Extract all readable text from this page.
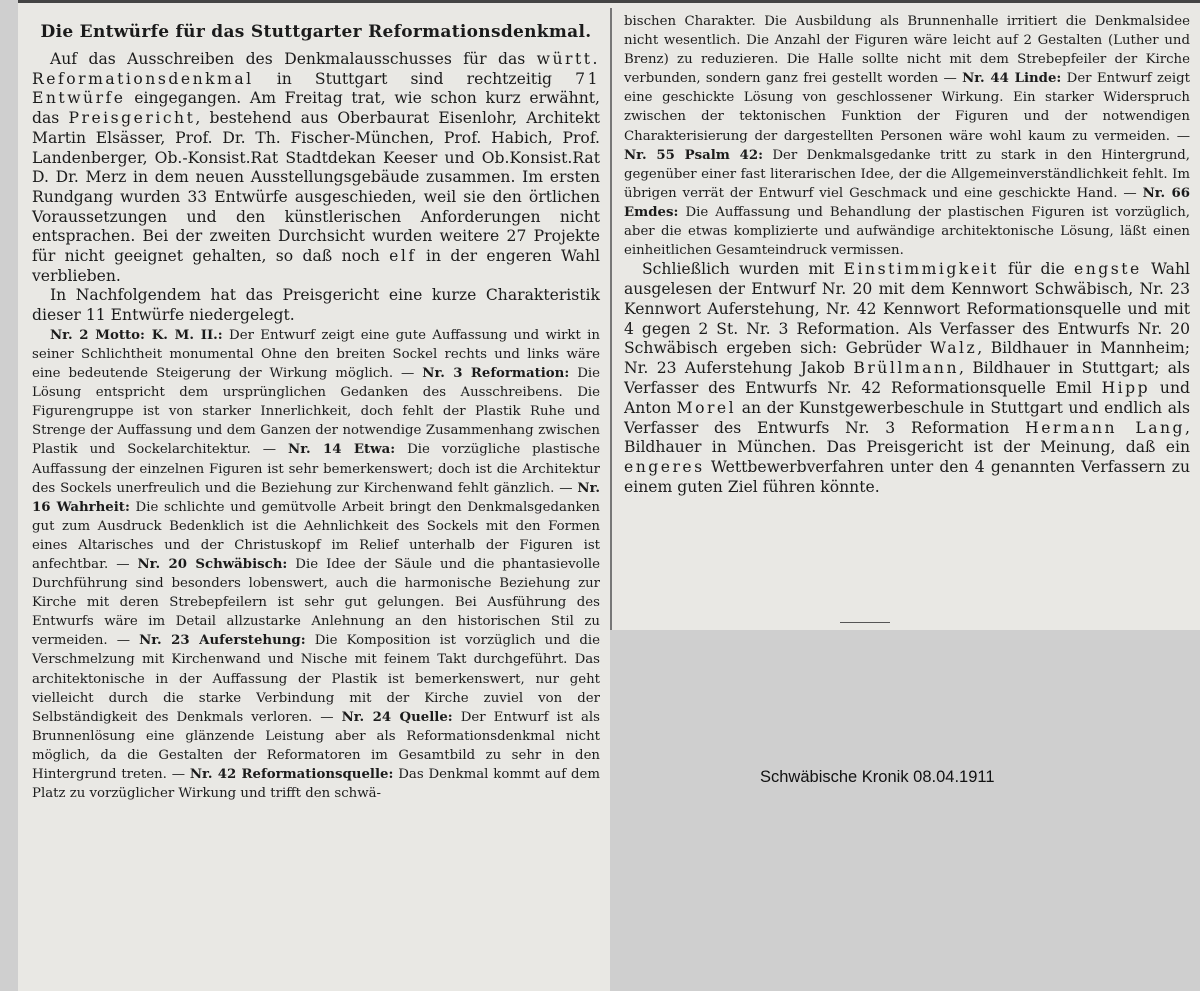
Die Entwürfe für das Stuttgarter Reformationsdenkmal.

Auf das Ausschreiben des Denkmalausschusses für das württ. Reformationsdenkmal in Stuttgart sind rechtzeitig 71 Entwürfe eingegangen. Am Freitag trat, wie schon kurz erwähnt, das Preisgericht, bestehend aus Oberbaurat Eisenlohr, Architekt Martin Elsässer, Prof. Dr. Th. Fischer-München, Prof. Habich, Prof. Landenberger, Ob.-Konsist.Rat Stadtdekan Keeser und Ob.Konsist.Rat D. Dr. Merz in dem neuen Ausstellungsgebäude zusammen. Im ersten Rundgang wurden 33 Entwürfe ausgeschieden, weil sie den örtlichen Voraussetzungen und den künstlerischen Anforderungen nicht entsprachen. Bei der zweiten Durchsicht wurden weitere 27 Projekte für nicht geeignet gehalten, so daß noch elf in der engeren Wahl verblieben.

In Nachfolgendem hat das Preisgericht eine kurze Charakteristik dieser 11 Entwürfe niedergelegt.

Nr. 2 Motto: K. M. II.: Der Entwurf zeigt eine gute Auffassung und wirkt in seiner Schlichtheit monumental Ohne den breiten Sockel rechts und links wäre eine bedeutende Steigerung der Wirkung möglich. — Nr. 3 Reformation: Die Lösung entspricht dem ursprünglichen Gedanken des Ausschreibens. Die Figurengruppe ist von starker Innerlichkeit, doch fehlt der Plastik Ruhe und Strenge der Auffassung und dem Ganzen der notwendige Zusammenhang zwischen Plastik und Sockelarchitektur. — Nr. 14 Etwa: Die vorzügliche plastische Auffassung der einzelnen Figuren ist sehr bemerkenswert; doch ist die Architektur des Sockels unerfreulich und die Beziehung zur Kirchenwand fehlt gänzlich. — Nr. 16 Wahrheit: Die schlichte und gemütvolle Arbeit bringt den Denkmalsgedanken gut zum Ausdruck Bedenklich ist die Aehnlichkeit des Sockels mit den Formen eines Altarisches und der Christuskopf im Relief unterhalb der Figuren ist anfechtbar. — Nr. 20 Schwäbisch: Die Idee der Säule und die phantasievolle Durchführung sind besonders lobenswert, auch die harmonische Beziehung zur Kirche mit deren Strebepfeilern ist sehr gut gelungen. Bei Ausführung des Entwurfs wäre im Detail allzustarke Anlehnung an den historischen Stil zu vermeiden. — Nr. 23 Auferstehung: Die Komposition ist vorzüglich und die Verschmelzung mit Kirchenwand und Nische mit feinem Takt durchgeführt. Das architektonische in der Auffassung der Plastik ist bemerkenswert, nur geht vielleicht durch die starke Verbindung mit der Kirche zuviel von der Selbständigkeit des Denkmals verloren. — Nr. 24 Quelle: Der Entwurf ist als Brunnenlösung eine glänzende Leistung aber als Reformationsdenkmal nicht möglich, da die Gestalten der Reformatoren im Gesamtbild zu sehr in den Hintergrund treten. — Nr. 42 Reformationsquelle: Das Denkmal kommt auf dem Platz zu vorzüglicher Wirkung und trifft den schwä-

bischen Charakter. Die Ausbildung als Brunnenhalle irritiert die Denkmalsidee nicht wesentlich. Die Anzahl der Figuren wäre leicht auf 2 Gestalten (Luther und Brenz) zu reduzieren. Die Halle sollte nicht mit dem Strebepfeiler der Kirche verbunden, sondern ganz frei gestellt worden — Nr. 44 Linde: Der Entwurf zeigt eine geschickte Lösung von geschlossener Wirkung. Ein starker Widerspruch zwischen der tektonischen Funktion der Figuren und der notwendigen Charakterisierung der dargestellten Personen wäre wohl kaum zu vermeiden. — Nr. 55 Psalm 42: Der Denkmalsgedanke tritt zu stark in den Hintergrund, gegenüber einer fast literarischen Idee, der die Allgemeinverständlichkeit fehlt. Im übrigen verrät der Entwurf viel Geschmack und eine geschickte Hand. — Nr. 66 Emdes: Die Auffassung und Behandlung der plastischen Figuren ist vorzüglich, aber die etwas komplizierte und aufwändige architektonische Lösung, läßt einen einheitlichen Gesamteindruck vermissen.

Schließlich wurden mit Einstimmigkeit für die engste Wahl ausgelesen der Entwurf Nr. 20 mit dem Kennwort Schwäbisch, Nr. 23 Kennwort Auferstehung, Nr. 42 Kennwort Reformationsquelle und mit 4 gegen 2 St. Nr. 3 Reformation. Als Verfasser des Entwurfs Nr. 20 Schwäbisch ergeben sich: Gebrüder Walz, Bildhauer in Mannheim; Nr. 23 Auferstehung Jakob Brüllmann, Bildhauer in Stuttgart; als Verfasser des Entwurfs Nr. 42 Reformationsquelle Emil Hipp und Anton Morel an der Kunstgewerbeschule in Stuttgart und endlich als Verfasser des Entwurfs Nr. 3 Reformation Hermann Lang, Bildhauer in München. Das Preisgericht ist der Meinung, daß ein engeres Wettbewerbverfahren unter den 4 genannten Verfassern zu einem guten Ziel führen könnte.

Schwäbische Kronik 08.04.1911
